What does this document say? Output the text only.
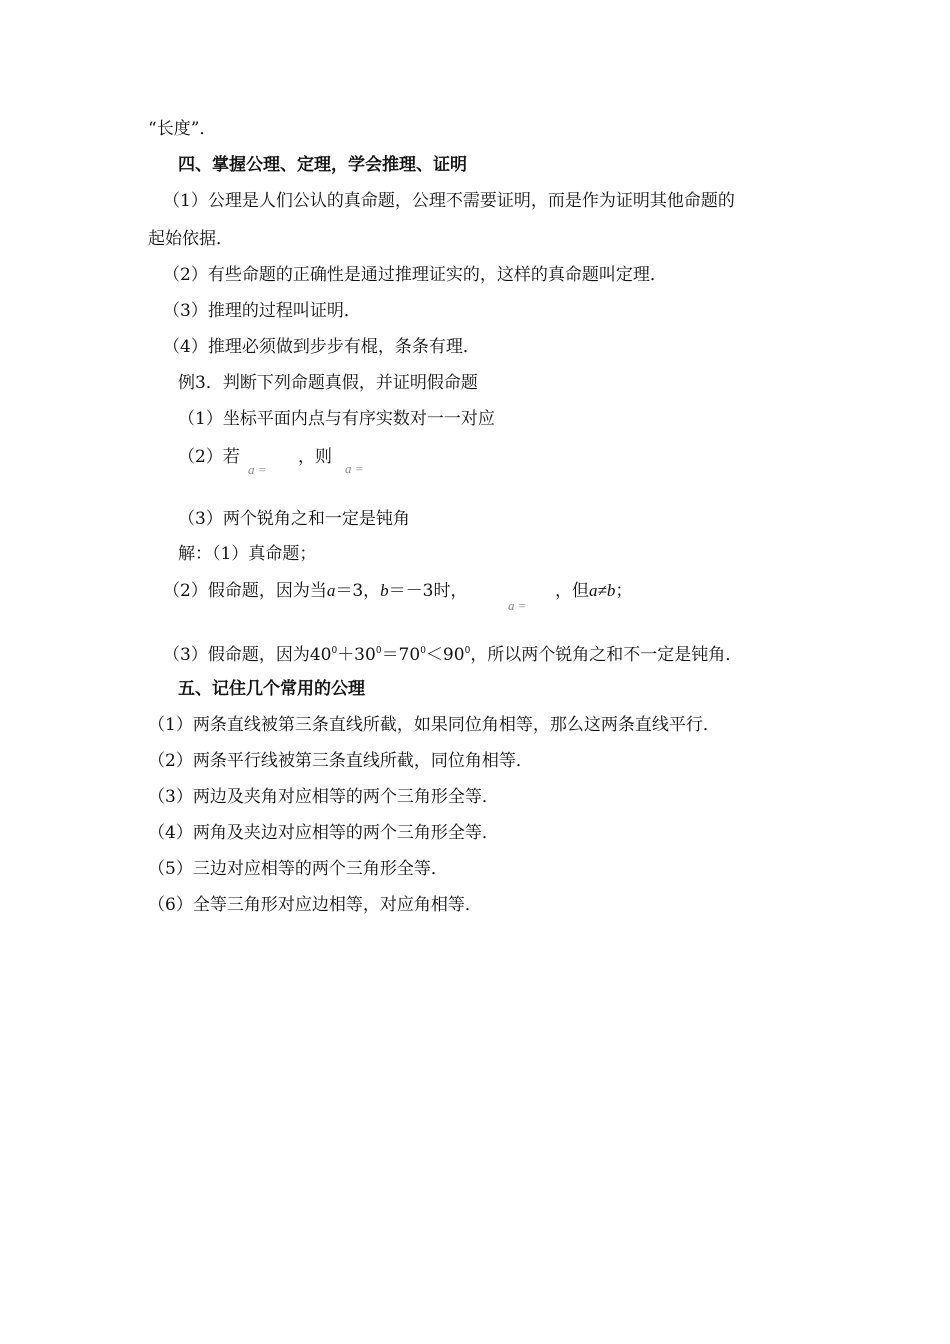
“长度”．
四、掌握公理、定理，学会推理、证明
（1）公理是人们公认的真命题，公理不需要证明，而是作为证明其他命题的
起始依据．
（2）有些命题的正确性是通过推理证实的，这样的真命题叫定理．
（3）推理的过程叫证明．
（4）推理必须做到步步有棍，条条有理．
例3．判断下列命题真假，并证明假命题
（1）坐标平面内点与有序实数对一一对应
（2）若	，则
a =	a =
（3）两个锐角之和一定是钝角
解：（1）真命题；
（2）假命题，因为当a＝3，b＝－3时，	，但a≠b；
a =
（3）假命题，因为$40^0+30^0=70^0<90^0$，所以两个锐角之和不一定是钝角．
五、记住几个常用的公理
（1）两条直线被第三条直线所截，如果同位角相等，那么这两条直线平行．
（2）两条平行线被第三条直线所截，同位角相等．
（3）两边及夹角对应相等的两个三角形全等．
（4）两角及夹边对应相等的两个三角形全等．
（5）三边对应相等的两个三角形全等．
（6）全等三角形对应边相等，对应角相等．
